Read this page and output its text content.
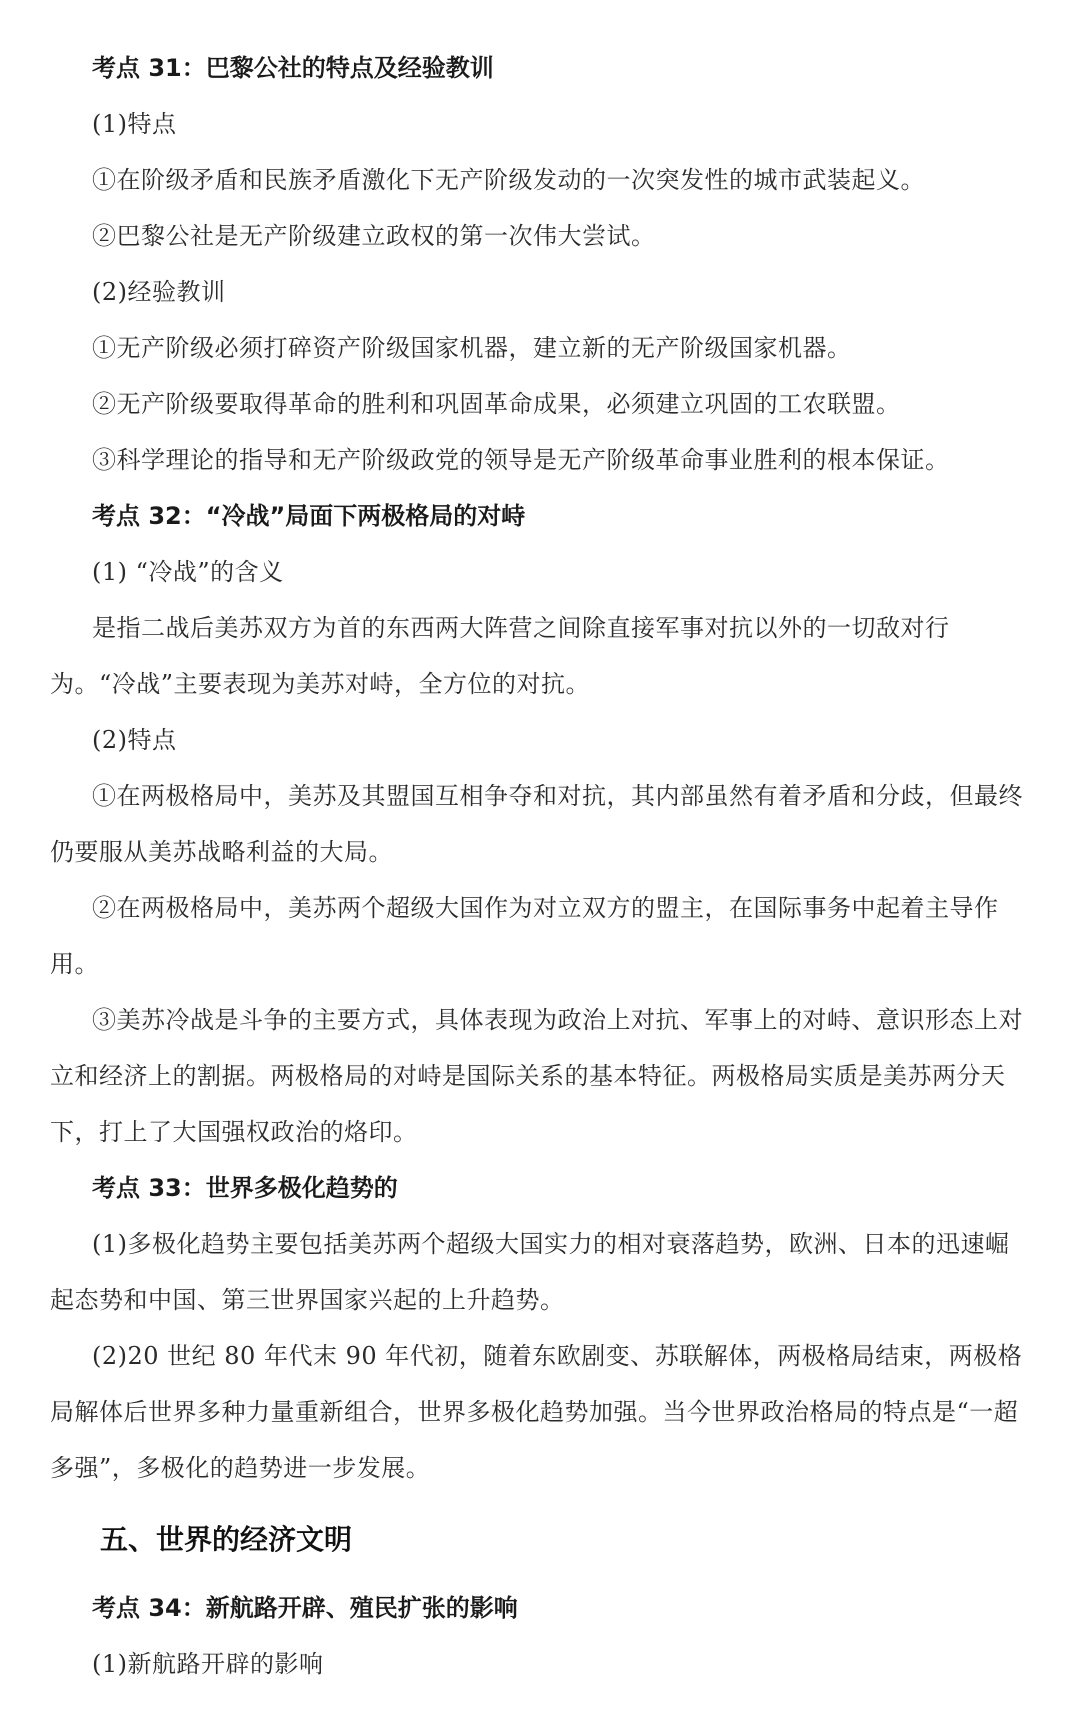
考点 31：巴黎公社的特点及经验教训
(1)特点
①在阶级矛盾和民族矛盾激化下无产阶级发动的一次突发性的城市武装起义。
②巴黎公社是无产阶级建立政权的第一次伟大尝试。
(2)经验教训
①无产阶级必须打碎资产阶级国家机器，建立新的无产阶级国家机器。
②无产阶级要取得革命的胜利和巩固革命成果，必须建立巩固的工农联盟。
③科学理论的指导和无产阶级政党的领导是无产阶级革命事业胜利的根本保证。
考点 32：“冷战”局面下两极格局的对峙
(1) “冷战”的含义
是指二战后美苏双方为首的东西两大阵营之间除直接军事对抗以外的一切敌对行为。“冷战”主要表现为美苏对峙，全方位的对抗。
(2)特点
①在两极格局中，美苏及其盟国互相争夺和对抗，其内部虽然有着矛盾和分歧，但最终仍要服从美苏战略利益的大局。
②在两极格局中，美苏两个超级大国作为对立双方的盟主，在国际事务中起着主导作用。
③美苏冷战是斗争的主要方式，具体表现为政治上对抗、军事上的对峙、意识形态上对立和经济上的割据。两极格局的对峙是国际关系的基本特征。两极格局实质是美苏两分天下，打上了大国强权政治的烙印。
考点 33：世界多极化趋势的
(1)多极化趋势主要包括美苏两个超级大国实力的相对衰落趋势，欧洲、日本的迅速崛起态势和中国、第三世界国家兴起的上升趋势。
(2)20 世纪 80 年代末 90 年代初，随着东欧剧变、苏联解体，两极格局结束，两极格局解体后世界多种力量重新组合，世界多极化趋势加强。当今世界政治格局的特点是“一超多强”，多极化的趋势进一步发展。
五、世界的经济文明
考点 34：新航路开辟、殖民扩张的影响
(1)新航路开辟的影响
